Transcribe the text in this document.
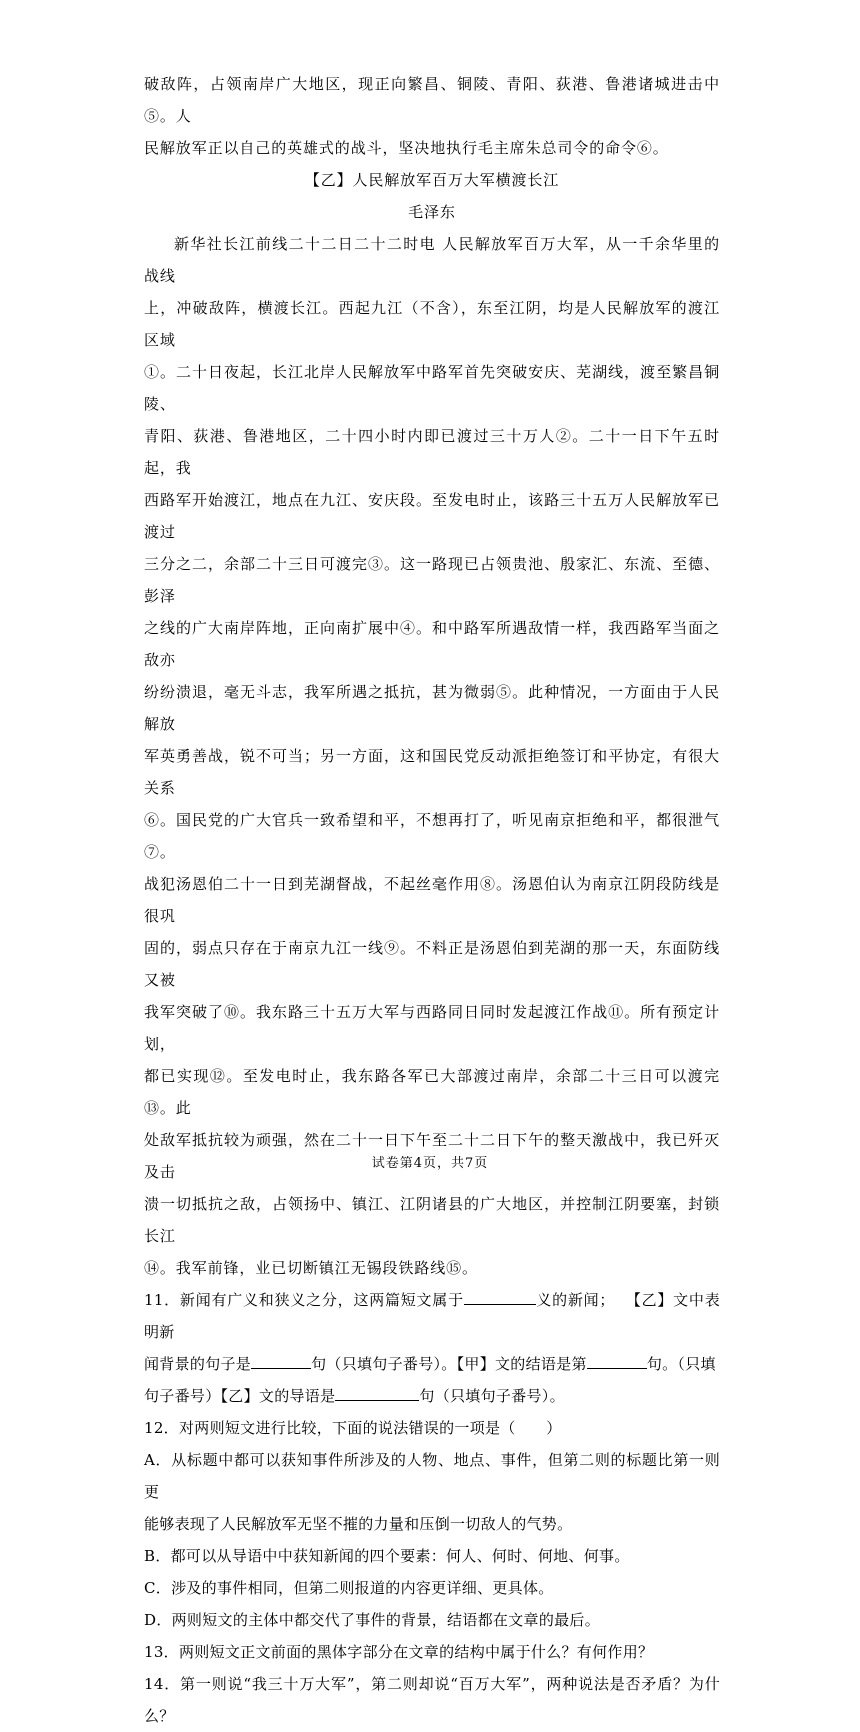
破敌阵，占领南岸广大地区，现正向繁昌、铜陵、青阳、荻港、鲁港诸城进击中⑤。人

民解放军正以自己的英雄式的战斗，坚决地执行毛主席朱总司令的命令⑥。

【乙】人民解放军百万大军横渡长江

毛泽东

新华社长江前线二十二日二十二时电 人民解放军百万大军，从一千余华里的战线

上，冲破敌阵，横渡长江。西起九江（不含），东至江阴，均是人民解放军的渡江区域

①。二十日夜起，长江北岸人民解放军中路军首先突破安庆、芜湖线，渡至繁昌铜陵、

青阳、荻港、鲁港地区，二十四小时内即已渡过三十万人②。二十一日下午五时起，我

西路军开始渡江，地点在九江、安庆段。至发电时止，该路三十五万人民解放军已渡过

三分之二，余部二十三日可渡完③。这一路现已占领贵池、殷家汇、东流、至德、彭泽

之线的广大南岸阵地，正向南扩展中④。和中路军所遇敌情一样，我西路军当面之敌亦

纷纷溃退，毫无斗志，我军所遇之抵抗，甚为微弱⑤。此种情况，一方面由于人民解放

军英勇善战，锐不可当；另一方面，这和国民党反动派拒绝签订和平协定，有很大关系

⑥。国民党的广大官兵一致希望和平，不想再打了，听见南京拒绝和平，都很泄气⑦。

战犯汤恩伯二十一日到芜湖督战，不起丝毫作用⑧。汤恩伯认为南京江阴段防线是很巩

固的，弱点只存在于南京九江一线⑨。不料正是汤恩伯到芜湖的那一天，东面防线又被

我军突破了⑩。我东路三十五万大军与西路同日同时发起渡江作战⑪。所有预定计划，

都已实现⑫。至发电时止，我东路各军已大部渡过南岸，余部二十三日可以渡完⑬。此

处敌军抵抗较为顽强，然在二十一日下午至二十二日下午的整天激战中，我已歼灭及击

溃一切抵抗之敌，占领扬中、镇江、江阴诸县的广大地区，并控制江阴要塞，封锁长江

⑭。我军前锋，业已切断镇江无锡段铁路线⑮。

11．新闻有广义和狭义之分，这两篇短文属于	义的新闻； 【乙】文中表明新

闻背景的句子是	句（只填句子番号）。【甲】文的结语是第	句。（只填

句子番号）【乙】文的导语是	句（只填句子番号）。

12．对两则短文进行比较，下面的说法错误的一项是（　　）

A．从标题中都可以获知事件所涉及的人物、地点、事件，但第二则的标题比第一则更

能够表现了人民解放军无坚不摧的力量和压倒一切敌人的气势。

B．都可以从导语中中获知新闻的四个要素：何人、何时、何地、何事。

C．涉及的事件相同，但第二则报道的内容更详细、更具体。

D．两则短文的主体中都交代了事件的背景，结语都在文章的最后。

13．两则短文正文前面的黑体字部分在文章的结构中属于什么？有何作用？

14．第一则说“我三十万大军”，第二则却说“百万大军”，两种说法是否矛盾？为什么？

试卷第4页，共7页
